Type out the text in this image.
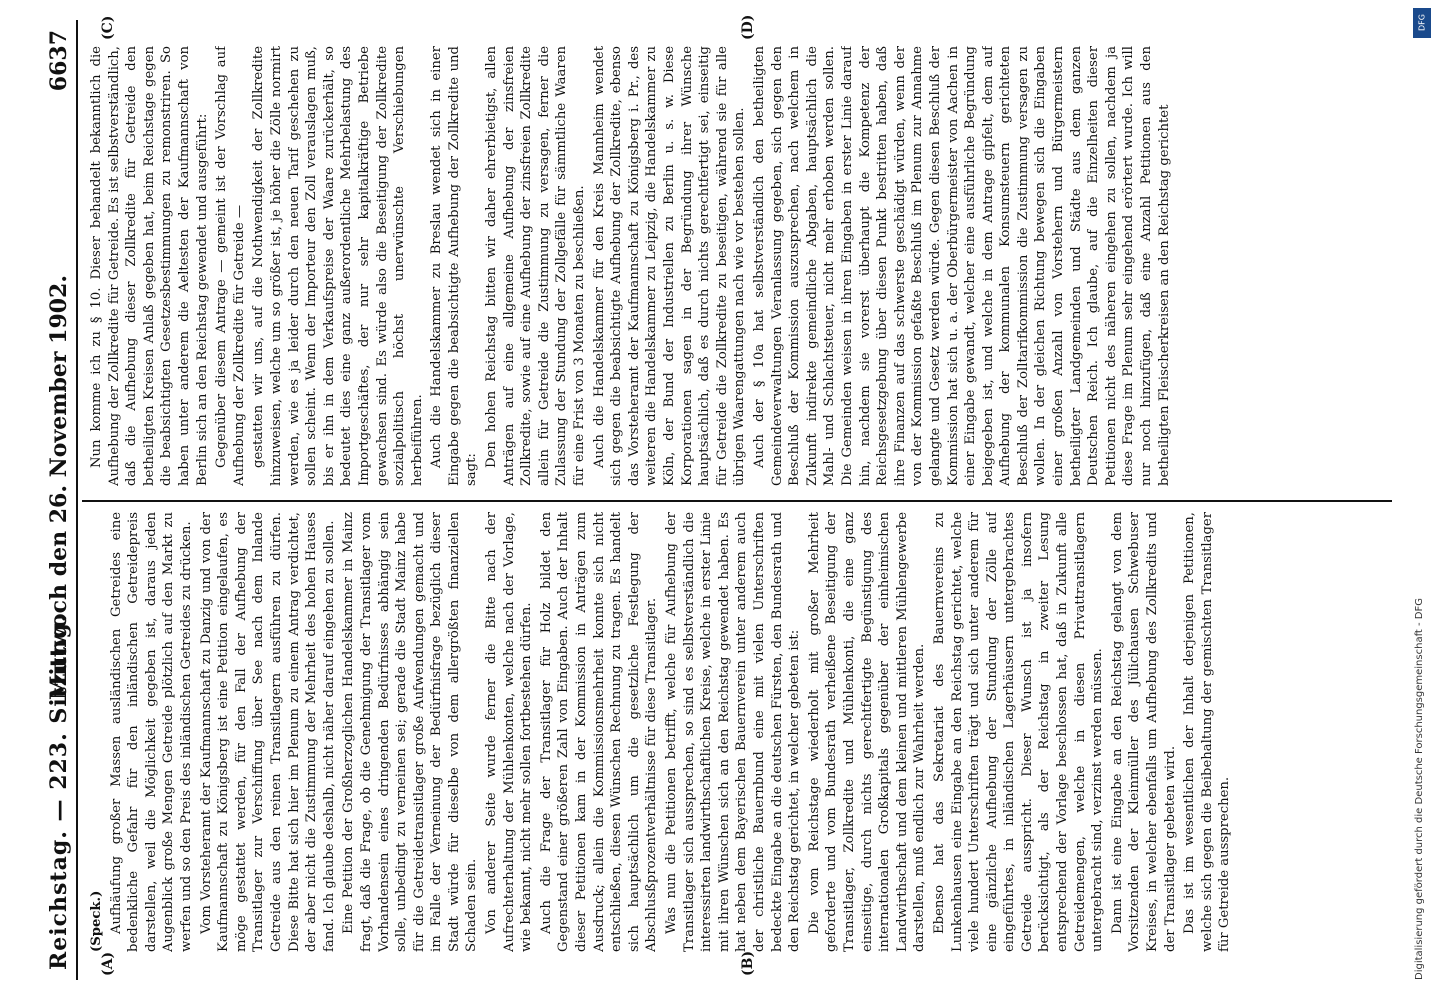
Reichstag. — 223. Sitzung.
Mittwoch den 26. November 1902.
6637
(A)	(B)
(C)	(D)

(Speck.) Aufhäufung großer Massen ausländischen Getreides eine bedenkliche Gefahr für den inländischen Getreidepreis darstellen, weil die Möglichkeit gegeben ist, daraus jeden Augenblick große Mengen Getreide plötzlich auf den Markt zu werfen und so den Preis des inländischen Getreides zu drücken. Vom Vorsteheramt der Kaufmannschaft zu Danzig und von der Kaufmannschaft zu Königsberg ist eine Petition eingelaufen, es möge gestattet werden, für den Fall der Aufhebung der Transitlager zur Verschiffung über See nach dem Inlande Getreide aus den reinen Transitlagern ausführen zu dürfen. Diese Bitte hat sich hier im Plenum zu einem Antrag verdichtet, der aber nicht die Zustimmung der Mehrheit des hohen Hauses fand. Ich glaube deshalb, nicht näher darauf eingehen zu sollen. Eine Petition der Großherzoglichen Handelskammer in Mainz fragt, daß die Frage, ob die Genehmigung der Transitlager vom Vorhandensein eines dringenden Bedürfnisses abhängig sein solle, unbedingt zu verneinen sei; gerade die Stadt Mainz habe für die Getreidetransitlager große Aufwendungen gemacht und im Falle der Verneinung der Bedürfnisfrage bezüglich dieser Stadt würde für dieselbe von dem allergrößten finanziellen Schaden sein. Von anderer Seite wurde ferner die Bitte nach der Aufrechterhaltung der Mühlenkonten, welche nach der Vorlage, wie bekannt, nicht mehr sollen fortbestehen dürfen. Auch die Frage der Transitlager für Holz bildet den Gegenstand einer größeren Zahl von Eingaben. Auch der Inhalt dieser Petitionen kam in der Kommission in Anträgen zum Ausdruck; allein die Kommissionsmehrheit konnte sich nicht entschließen, diesen Wünschen Rechnung zu tragen. Es handelt sich hauptsächlich um die gesetzliche Festlegung der Abschlusßprozentverhältnisse für diese Transitlager. Was nun die Petitionen betrifft, welche für Aufhebung der Transitlager sich aussprechen, so sind es selbstverständlich die interessirten landwirthschaftlichen Kreise, welche in erster Linie mit ihren Wünschen sich an den Reichstag gewendet haben. Es hat neben dem Bayerischen Bauernverein unter anderem auch der christliche Bauernbund eine mit vielen Unterschriften bedeckte Eingabe an die deutschen Fürsten, den Bundesrath und den Reichstag gerichtet, in welcher gebeten ist: Die vom Reichstage wiederholt mit großer Mehrheit geforderte und vom Bundesrath verheißene Beseitigung der Transitlager, Zollkredite und Mühlenkonti, die eine ganz einseitige, durch nichts gerechtfertigte Begünstigung des internationalen Großkapitals gegenüber der einheimischen Landwirthschaft und dem kleinen und mittleren Mühlengewerbe darstellen, muß endlich zur Wahrheit werden. Ebenso hat das Sekretariat des Bauernvereins zu Lunkenhausen eine Eingabe an den Reichstag gerichtet, welche viele hundert Unterschriften trägt und sich unter anderem für eine gänzliche Aufhebung der Stundung der Zölle auf eingeführtes, in inländischen Lagerhäusern untergebrachtes Getreide ausspricht. Dieser Wunsch ist ja insofern berücksichtigt, als der Reichstag in zweiter Lesung entsprechend der Vorlage beschlossen hat, daß in Zukunft alle Getreidemengen, welche in diesen Privattransitlagern untergebracht sind, verzinst werden müssen. Dann ist eine Eingabe an den Reichstag gelangt von dem Vorsitzenden der Kleinmüller des Jülichausen Schwebuser Kreises, in welcher ebenfalls um Aufhebung des Zollkredits und der Transitlager gebeten wird. Das ist im wesentlichen der Inhalt derjenigen Petitionen, welche sich gegen die Beibehaltung der gemischten Transitlager für Getreide aussprechen.

Nun komme ich zu § 10. Dieser behandelt bekanntlich die Aufhebung der Zollkredite für Getreide. Es ist selbstverständlich, daß die Aufhebung dieser Zollkredite für Getreide den betheiligten Kreisen Anlaß gegeben hat, beim Reichstage gegen die beabsichtigten Gesetzesbestimmungen zu remonstriren. So haben unter anderem die Aeltesten der Kaufmannschaft von Berlin sich an den Reichstag gewendet und ausgeführt: Gegenüber diesem Antrage — gemeint ist der Vorschlag auf Aufhebung der Zollkredite für Getreide — gestatten wir uns, auf die Nothwendigkeit der Zollkredite hinzuweisen, welche um so größer ist, je höher die Zölle normirt werden, wie es ja leider durch den neuen Tarif geschehen zu sollen scheint. Wenn der Importeur den Zoll verauslagen muß, bis er ihn in dem Verkaufspreise der Waare zurückerhält, so bedeutet dies eine ganz außerordentliche Mehrbelastung des Importgeschäftes, der nur sehr kapitalkräftige Betriebe gewachsen sind. Es würde also die Beseitigung der Zollkredite sozialpolitisch höchst unerwünschte Verschiebungen herbeiführen. Auch die Handelskammer zu Breslau wendet sich in einer Eingabe gegen die beabsichtigte Aufhebung der Zollkredite und sagt:

Den hohen Reichstag bitten wir daher ehrerbietigst, allen Anträgen auf eine allgemeine Aufhebung der zinsfreien Zollkredite, sowie auf eine Aufhebung der zinsfreien Zollkredite allein für Getreide die Zustimmung zu versagen, ferner die Zulassung der Stundung der Zollgefälle für sämmtliche Waaren für eine Frist von 3 Monaten zu beschließen. Auch die Handelskammer für den Kreis Mannheim wendet sich gegen die beabsichtigte Aufhebung der Zollkredite, ebenso das Vorsteheramt der Kaufmannschaft zu Königsberg i. Pr., des weiteren die Handelskammer zu Leipzig, die Handelskammer zu Köln, der Bund der Industriellen zu Berlin u. s. w. Diese Korporationen sagen in der Begründung ihrer Wünsche hauptsächlich, daß es durch nichts gerechtfertigt sei, einseitig für Getreide die Zollkredite zu beseitigen, während sie für alle übrigen Waarengattungen nach wie vor bestehen sollen. Auch der § 10a hat selbstverständlich den betheiligten Gemeindeverwaltungen Veranlassung gegeben, sich gegen den Beschluß der Kommission auszusprechen, nach welchem in Zukunft indirekte gemeindliche Abgaben, hauptsächlich die Mahl- und Schlachtsteuer, nicht mehr erhoben werden sollen. Die Gemeinden weisen in ihren Eingaben in erster Linie darauf hin, nachdem sie vorerst überhaupt die Kompetenz der Reichsgesetzgebung über diesen Punkt bestritten haben, daß ihre Finanzen auf das schwerste geschädigt würden, wenn der von der Kommission gefaßte Beschluß im Plenum zur Annahme gelangte und Gesetz werden würde. Gegen diesen Beschluß der Kommission hat sich u. a. der Oberbürgermeister von Aachen in einer Eingabe gewandt, welcher eine ausführliche Begründung beigegeben ist, und welche in dem Antrage gipfelt, dem auf Aufhebung der kommunalen Konsumsteuern gerichteten Beschluß der Zolltarifkommission die Zustimmung versagen zu wollen. In der gleichen Richtung bewegen sich die Eingaben einer großen Anzahl von Vorstehern und Bürgermeistern betheiligter Landgemeinden und Städte aus dem ganzen Deutschen Reich. Ich glaube, auf die Einzelheiten dieser Petitionen nicht des näheren eingehen zu sollen, nachdem ja diese Frage im Plenum sehr eingehend erörtert wurde. Ich will nur noch hinzufügen, daß eine Anzahl Petitionen aus den betheiligten Fleischerkreisen an den Reichstag gerichtet

DFG
Digitalisierung gefördert durch die Deutsche Forschungsgemeinschaft - DFG
